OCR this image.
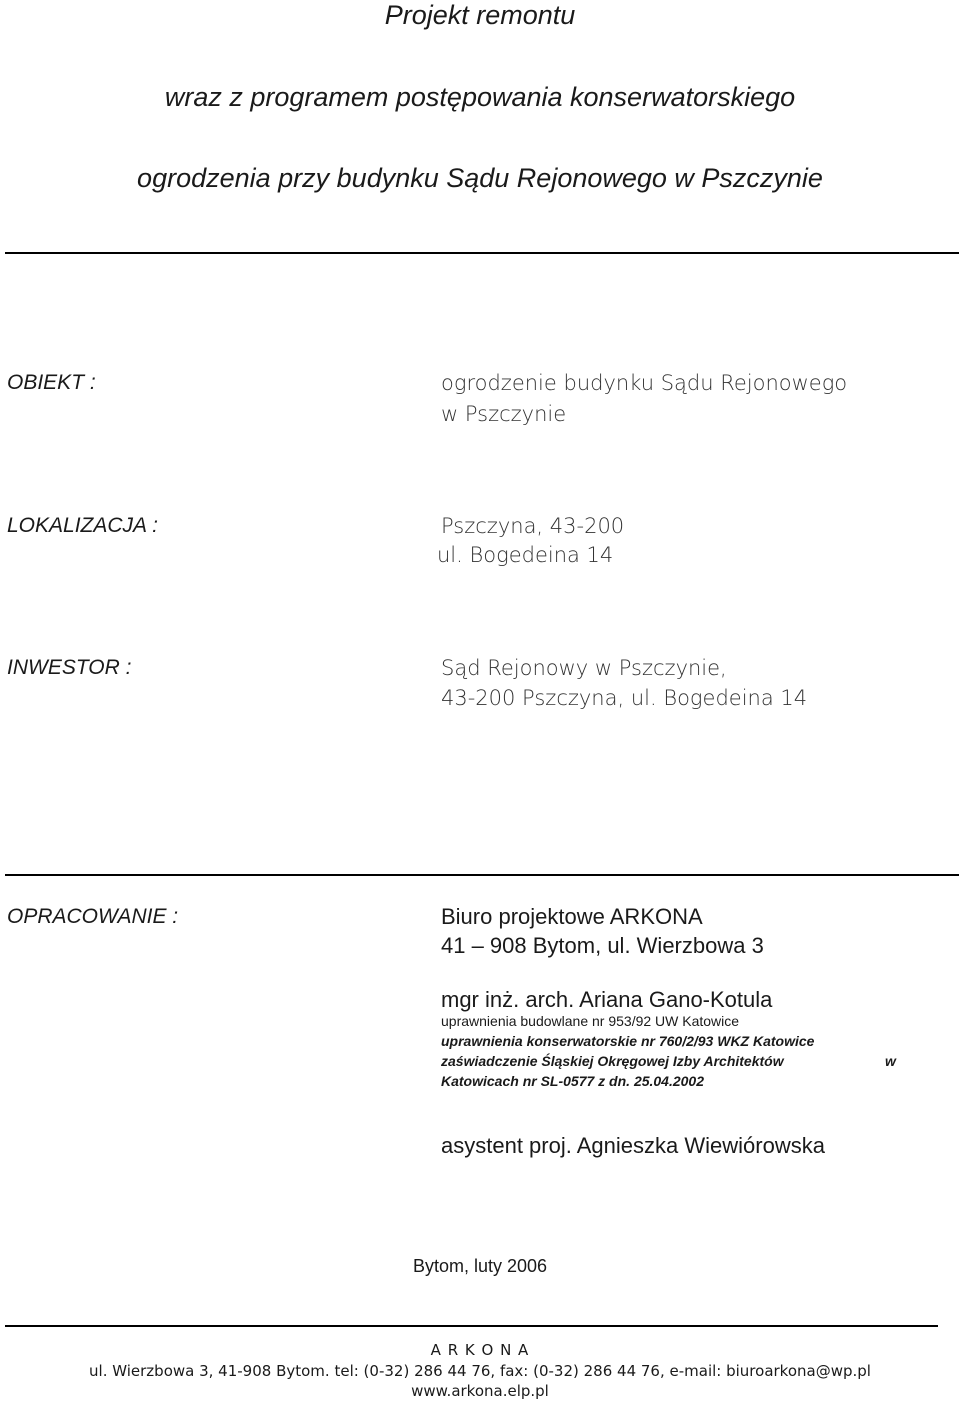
Projekt remontu
wraz z programem postępowania konserwatorskiego
ogrodzenia przy budynku Sądu Rejonowego w Pszczynie
OBIEKT :	ogrodzenie budynku Sądu Rejonowego
w Pszczynie
LOKALIZACJA :	Pszczyna, 43-200
ul. Bogedeina 14
INWESTOR :	Sąd Rejonowy w Pszczynie,
43-200 Pszczyna, ul. Bogedeina 14
OPRACOWANIE :	Biuro projektowe ARKONA
41 – 908 Bytom, ul. Wierzbowa 3
mgr inż. arch. Ariana Gano-Kotula
uprawnienia budowlane nr 953/92 UW Katowice
uprawnienia konserwatorskie nr 760/2/93 WKZ Katowice
zaświadczenie Śląskiej Okręgowej Izby Architektów	w
Katowicach nr SL-0577 z dn. 25.04.2002
asystent proj. Agnieszka Wiewiórowska
Bytom, luty 2006
A R K O N A
ul. Wierzbowa 3, 41-908 Bytom. tel: (0-32) 286 44 76, fax: (0-32) 286 44 76, e-mail: biuroarkona@wp.pl
www.arkona.elp.pl
